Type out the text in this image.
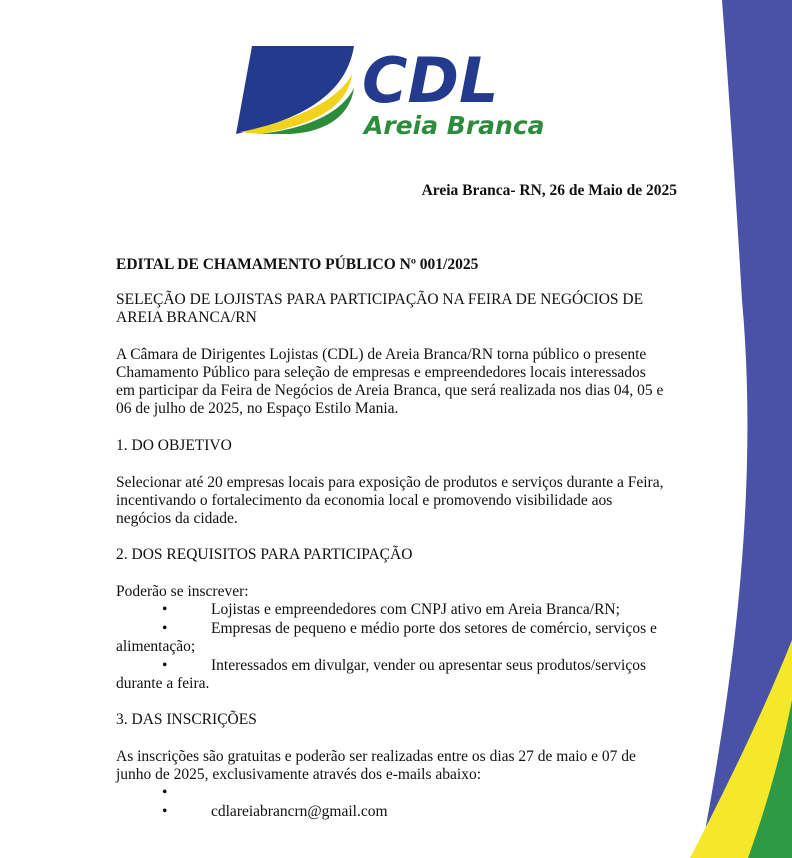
CDL
Areia Branca

Areia Branca- RN, 26 de Maio de 2025

EDITAL DE CHAMAMENTO PÚBLICO Nº 001/2025

SELEÇÃO DE LOJISTAS PARA PARTICIPAÇÃO NA FEIRA DE NEGÓCIOS DE

AREIA BRANCA/RN

A Câmara de Dirigentes Lojistas (CDL) de Areia Branca/RN torna público o presente

Chamamento Público para seleção de empresas e empreendedores locais interessados

em participar da Feira de Negócios de Areia Branca, que será realizada nos dias 04, 05 e

06 de julho de 2025, no Espaço Estilo Mania.

1. DO OBJETIVO

Selecionar até 20 empresas locais para exposição de produtos e serviços durante a Feira,

incentivando o fortalecimento da economia local e promovendo visibilidade aos

negócios da cidade.

2. DOS REQUISITOS PARA PARTICIPAÇÃO

Poderão se inscrever:

•	Lojistas e empreendedores com CNPJ ativo em Areia Branca/RN;
•	Empresas de pequeno e médio porte dos setores de comércio, serviços e
alimentação;
•	Interessados em divulgar, vender ou apresentar seus produtos/serviços
durante a feira.

3. DAS INSCRIÇÕES

As inscrições são gratuitas e poderão ser realizadas entre os dias 27 de maio e 07 de

junho de 2025, exclusivamente através dos e-mails abaixo:

•

•	cdlareiabrancrn@gmail.com
